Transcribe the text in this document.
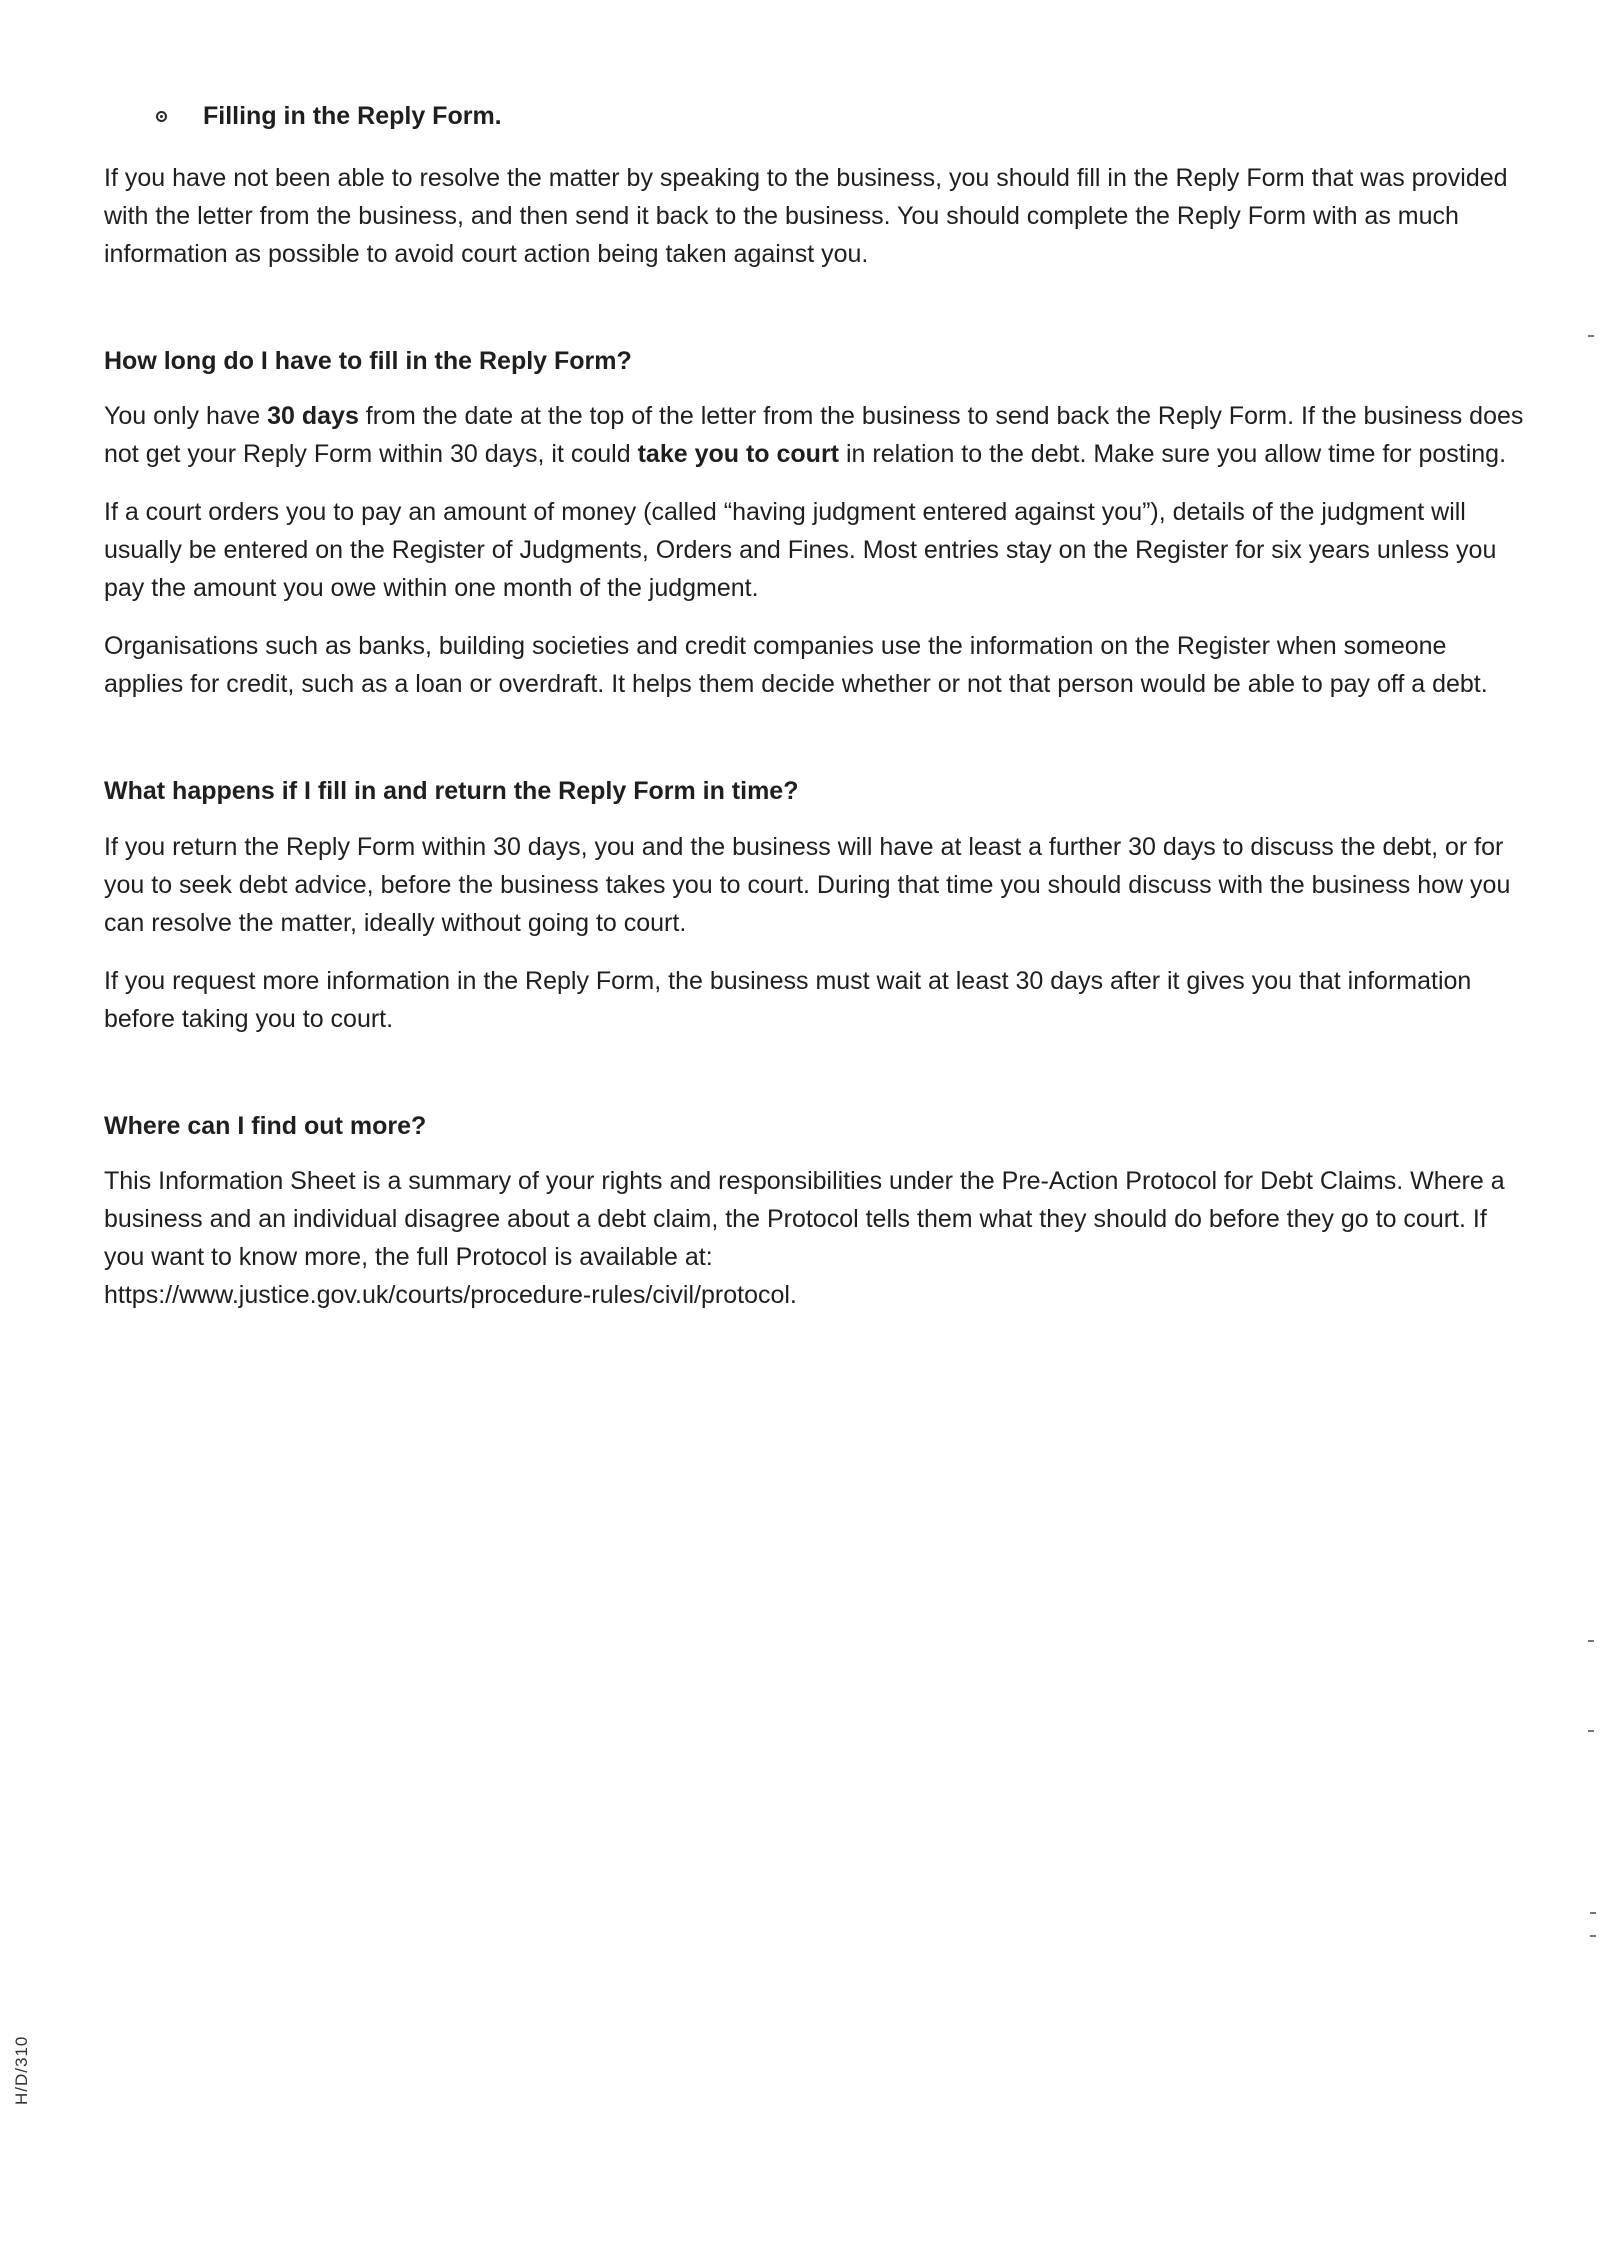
Filling in the Reply Form.

If you have not been able to resolve the matter by speaking to the business, you should fill in the Reply Form that was provided with the letter from the business, and then send it back to the business. You should complete the Reply Form with as much information as possible to avoid court action being taken against you.

How long do I have to fill in the Reply Form?

You only have 30 days from the date at the top of the letter from the business to send back the Reply Form. If the business does not get your Reply Form within 30 days, it could take you to court in relation to the debt. Make sure you allow time for posting.

If a court orders you to pay an amount of money (called “having judgment entered against you”), details of the judgment will usually be entered on the Register of Judgments, Orders and Fines. Most entries stay on the Register for six years unless you pay the amount you owe within one month of the judgment.

Organisations such as banks, building societies and credit companies use the information on the Register when someone applies for credit, such as a loan or overdraft. It helps them decide whether or not that person would be able to pay off a debt.

What happens if I fill in and return the Reply Form in time?

If you return the Reply Form within 30 days, you and the business will have at least a further 30 days to discuss the debt, or for you to seek debt advice, before the business takes you to court. During that time you should discuss with the business how you can resolve the matter, ideally without going to court.

If you request more information in the Reply Form, the business must wait at least 30 days after it gives you that information before taking you to court.

Where can I find out more?

This Information Sheet is a summary of your rights and responsibilities under the Pre-Action Protocol for Debt Claims. Where a business and an individual disagree about a debt claim, the Protocol tells them what they should do before they go to court. If you want to know more, the full Protocol is available at:
https://www.justice.gov.uk/courts/procedure-rules/civil/protocol.

H/D/310
